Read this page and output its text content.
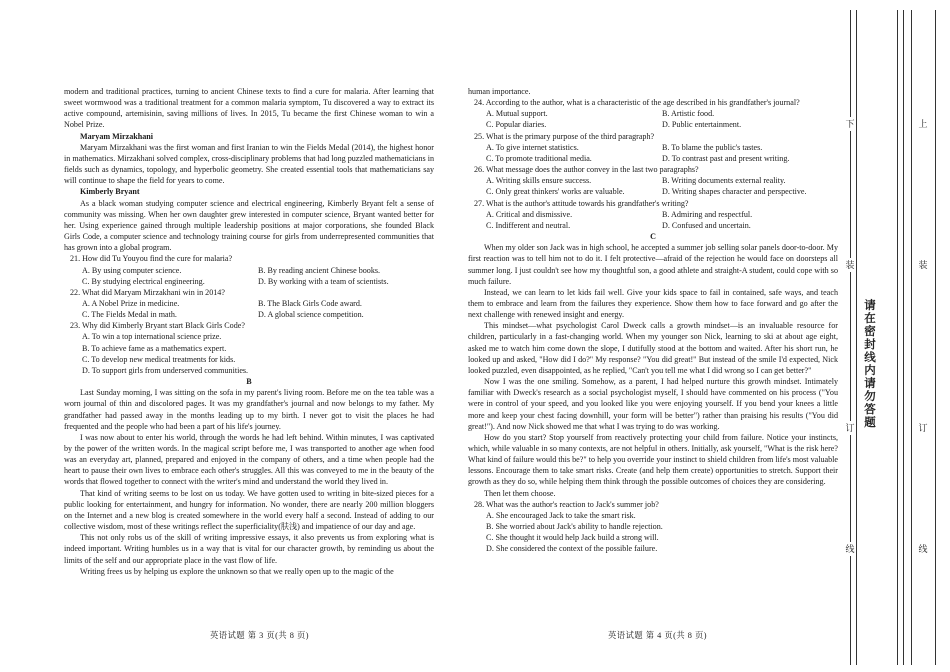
modern and traditional practices, turning to ancient Chinese texts to find a cure for malaria. After learning that sweet wormwood was a traditional treatment for a common malaria symptom, Tu discovered a way to extract its active compound, artemisinin, saving millions of lives. In 2015, Tu became the first Chinese woman to win a Nobel Prize.

Maryam Mirzakhani

Maryam Mirzakhani was the first woman and first Iranian to win the Fields Medal (2014), the highest honor in mathematics. Mirzakhani solved complex, cross-disciplinary problems that had long puzzled mathematicians in fields such as dynamics, topology, and hyperbolic geometry. She created essential tools that mathematicians say will continue to shape the field for years to come.

Kimberly Bryant

As a black woman studying computer science and electrical engineering, Kimberly Bryant felt a sense of community was missing. When her own daughter grew interested in computer science, Bryant wanted better for her. Using experience gained through multiple leadership positions at major corporations, she founded Black Girls Code, a computer science and technology training course for girls from underrepresented communities that has grown into a global program.

21. How did Tu Youyou find the cure for malaria?
A. By using computer science.	B. By reading ancient Chinese books.
C. By studying electrical engineering.	D. By working with a team of scientists.
22. What did Maryam Mirzakhani win in 2014?
A. A Nobel Prize in medicine.	B. The Black Girls Code award.
C. The Fields Medal in math.	D. A global science competition.
23. Why did Kimberly Bryant start Black Girls Code?
A. To win a top international science prize.
B. To achieve fame as a mathematics expert.
C. To develop new medical treatments for kids.
D. To support girls from underserved communities.

B

Last Sunday morning, I was sitting on the sofa in my parent's living room. Before me on the tea table was a worn journal of thin and discolored pages. It was my grandfather's journal and now belongs to my father. My grandfather had passed away in the months leading up to my birth. I never got to visit the places he had frequented and the people who had been a part of his life's journey.

I was now about to enter his world, through the words he had left behind. Within minutes, I was captivated by the power of the written words. In the magical script before me, I was transported to another age when food was an everyday art, planned, prepared and enjoyed in the company of others, and a time when people had the heart to pause their own lives to embrace each other's struggles. All this was conveyed to me in the beauty of the words that flowed together to connect with the writer's mind and understand the world they lived in.

That kind of writing seems to be lost on us today. We have gotten used to writing in bite-sized pieces for a public looking for entertainment, and hungry for information. No wonder, there are nearly 200 million bloggers on the Internet and a new blog is created somewhere in the world every half a second. Instead of adding to our collective wisdom, most of these writings reflect the superficiality(肤浅) and impatience of our day and age.

This not only robs us of the skill of writing impressive essays, it also prevents us from exploring what is indeed important. Writing humbles us in a way that is vital for our character growth, by reminding us about the limits of the self and our appropriate place in the vast flow of life.

Writing frees us by helping us explore the unknown so that we really open up to the magic of the

英语试题 第 3 页(共 8 页)

human importance.

24. According to the author, what is a characteristic of the age described in his grandfather's journal?
A. Mutual support.	B. Artistic food.
C. Popular diaries.	D. Public entertainment.
25. What is the primary purpose of the third paragraph?
A. To give internet statistics.	B. To blame the public's tastes.
C. To promote traditional media.	D. To contrast past and present writing.
26. What message does the author convey in the last two paragraphs?
A. Writing skills ensure success.	B. Writing documents external reality.
C. Only great thinkers' works are valuable.	D. Writing shapes character and perspective.
27. What is the author's attitude towards his grandfather's writing?
A. Critical and dismissive.	B. Admiring and respectful.
C. Indifferent and neutral.	D. Confused and uncertain.

C

When my older son Jack was in high school, he accepted a summer job selling solar panels door-to-door. My first reaction was to tell him not to do it. I felt protective—afraid of the rejection he would face on doorsteps all summer long. I just couldn't see how my thoughtful son, a good athlete and straight-A student, could cope with so much failure.

Instead, we can learn to let kids fail well. Give your kids space to fail in contained, safe ways, and teach them to embrace and learn from the failures they experience. Show them how to face forward and go after the next challenge with renewed insight and energy.

This mindset—what psychologist Carol Dweck calls a growth mindset—is an invaluable resource for children, particularly in a fast-changing world. When my younger son Nick, learning to ski at about age eight, asked me to watch him come down the slope, I dutifully stood at the bottom and waited. After his short run, he looked up and asked, "How did I do?" My response? "You did great!" But instead of the smile I'd expected, Nick looked puzzled, even disappointed, as he replied, "Can't you tell me what I did wrong so I can get better?"

Now I was the one smiling. Somehow, as a parent, I had helped nurture this growth mindset. Intimately familiar with Dweck's research as a social psychologist myself, I should have commented on his process ("You were in control of your speed, and you looked like you were enjoying yourself. If you bend your knees a little more and keep your chest facing downhill, your form will be better") rather than praising his results ("You did great!"). And now Nick showed me that what I was trying to do was working.

How do you start? Stop yourself from reactively protecting your child from failure. Notice your instincts, which, while valuable in so many contexts, are not helpful in others. Initially, ask yourself, "What is the risk here? What kind of failure would this be?" to help you override your instinct to shield children from life's most valuable lessons. Encourage them to take smart risks. Create (and help them create) opportunities to stretch. Support their growth as they do so, while helping them think through the possible outcomes of choices they are considering.

Then let them choose.

28. What was the author's reaction to Jack's summer job?
A. She encouraged Jack to take the smart risk.
B. She worried about Jack's ability to handle rejection.
C. She thought it would help Jack build a strong will.
D. She considered the context of the possible failure.
英语试题 第 4 页(共 8 页)
下
装
订
线
上
装
订
线
请在密封线内请勿答题
